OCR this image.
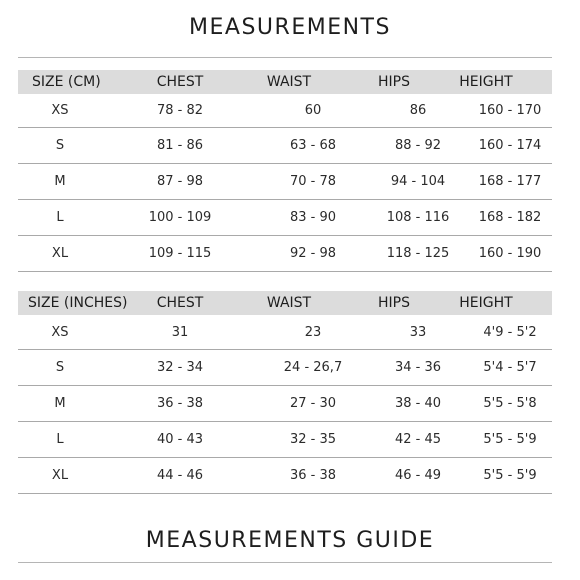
MEASUREMENTS
SIZE (CM)	CHEST	WAIST	HIPS	HEIGHT
XS	78 - 82	60	86	160 - 170
S	81 - 86	63 - 68	88 - 92	160 - 174
M	87 - 98	70 - 78	94 - 104	168 - 177
L	100 - 109	83 - 90	108 - 116	168 - 182
XL	109 - 115	92 - 98	118 - 125	160 - 190
SIZE (INCHES)	CHEST	WAIST	HIPS	HEIGHT
XS	31	23	33	4'9 - 5'2
S	32 - 34	24 - 26,7	34 - 36	5'4 - 5'7
M	36 - 38	27 - 30	38 - 40	5'5 - 5'8
L	40 - 43	32 - 35	42 - 45	5'5 - 5'9
XL	44 - 46	36 - 38	46 - 49	5'5 - 5'9
MEASUREMENTS GUIDE
